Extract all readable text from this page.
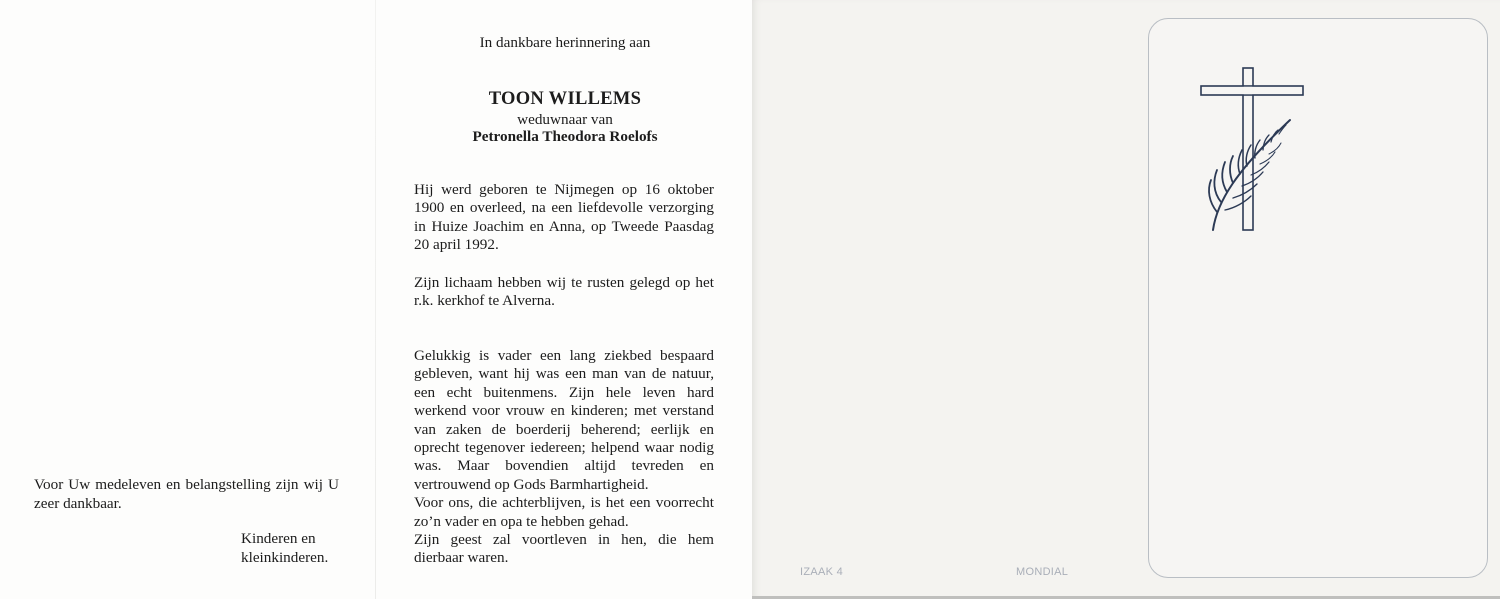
Voor Uw medeleven en belangstelling zijn wij U zeer dankbaar.
Kinderen en
kleinkinderen.
In dankbare herinnering aan
TOON WILLEMS
weduwnaar van
Petronella Theodora Roelofs

Hij werd geboren te Nijmegen op 16 oktober 1900 en overleed, na een liefdevolle verzorging in Huize Joachim en Anna, op Tweede Paasdag 20 april 1992.

Zijn lichaam hebben wij te rusten gelegd op het r.k. kerkhof te Alverna.

Gelukkig is vader een lang ziekbed bespaard gebleven, want hij was een man van de natuur, een echt buitenmens. Zijn hele leven hard werkend voor vrouw en kinderen; met verstand van zaken de boerderij beherend; eerlijk en oprecht tegenover iedereen; helpend waar nodig was. Maar bovendien altijd tevreden en vertrouwend op Gods Barmhartigheid.
Voor ons, die achterblijven, is het een voorrecht zo’n vader en opa te hebben gehad.
Zijn geest zal voortleven in hen, die hem dierbaar waren.
IZAAK 4	MONDIAL
